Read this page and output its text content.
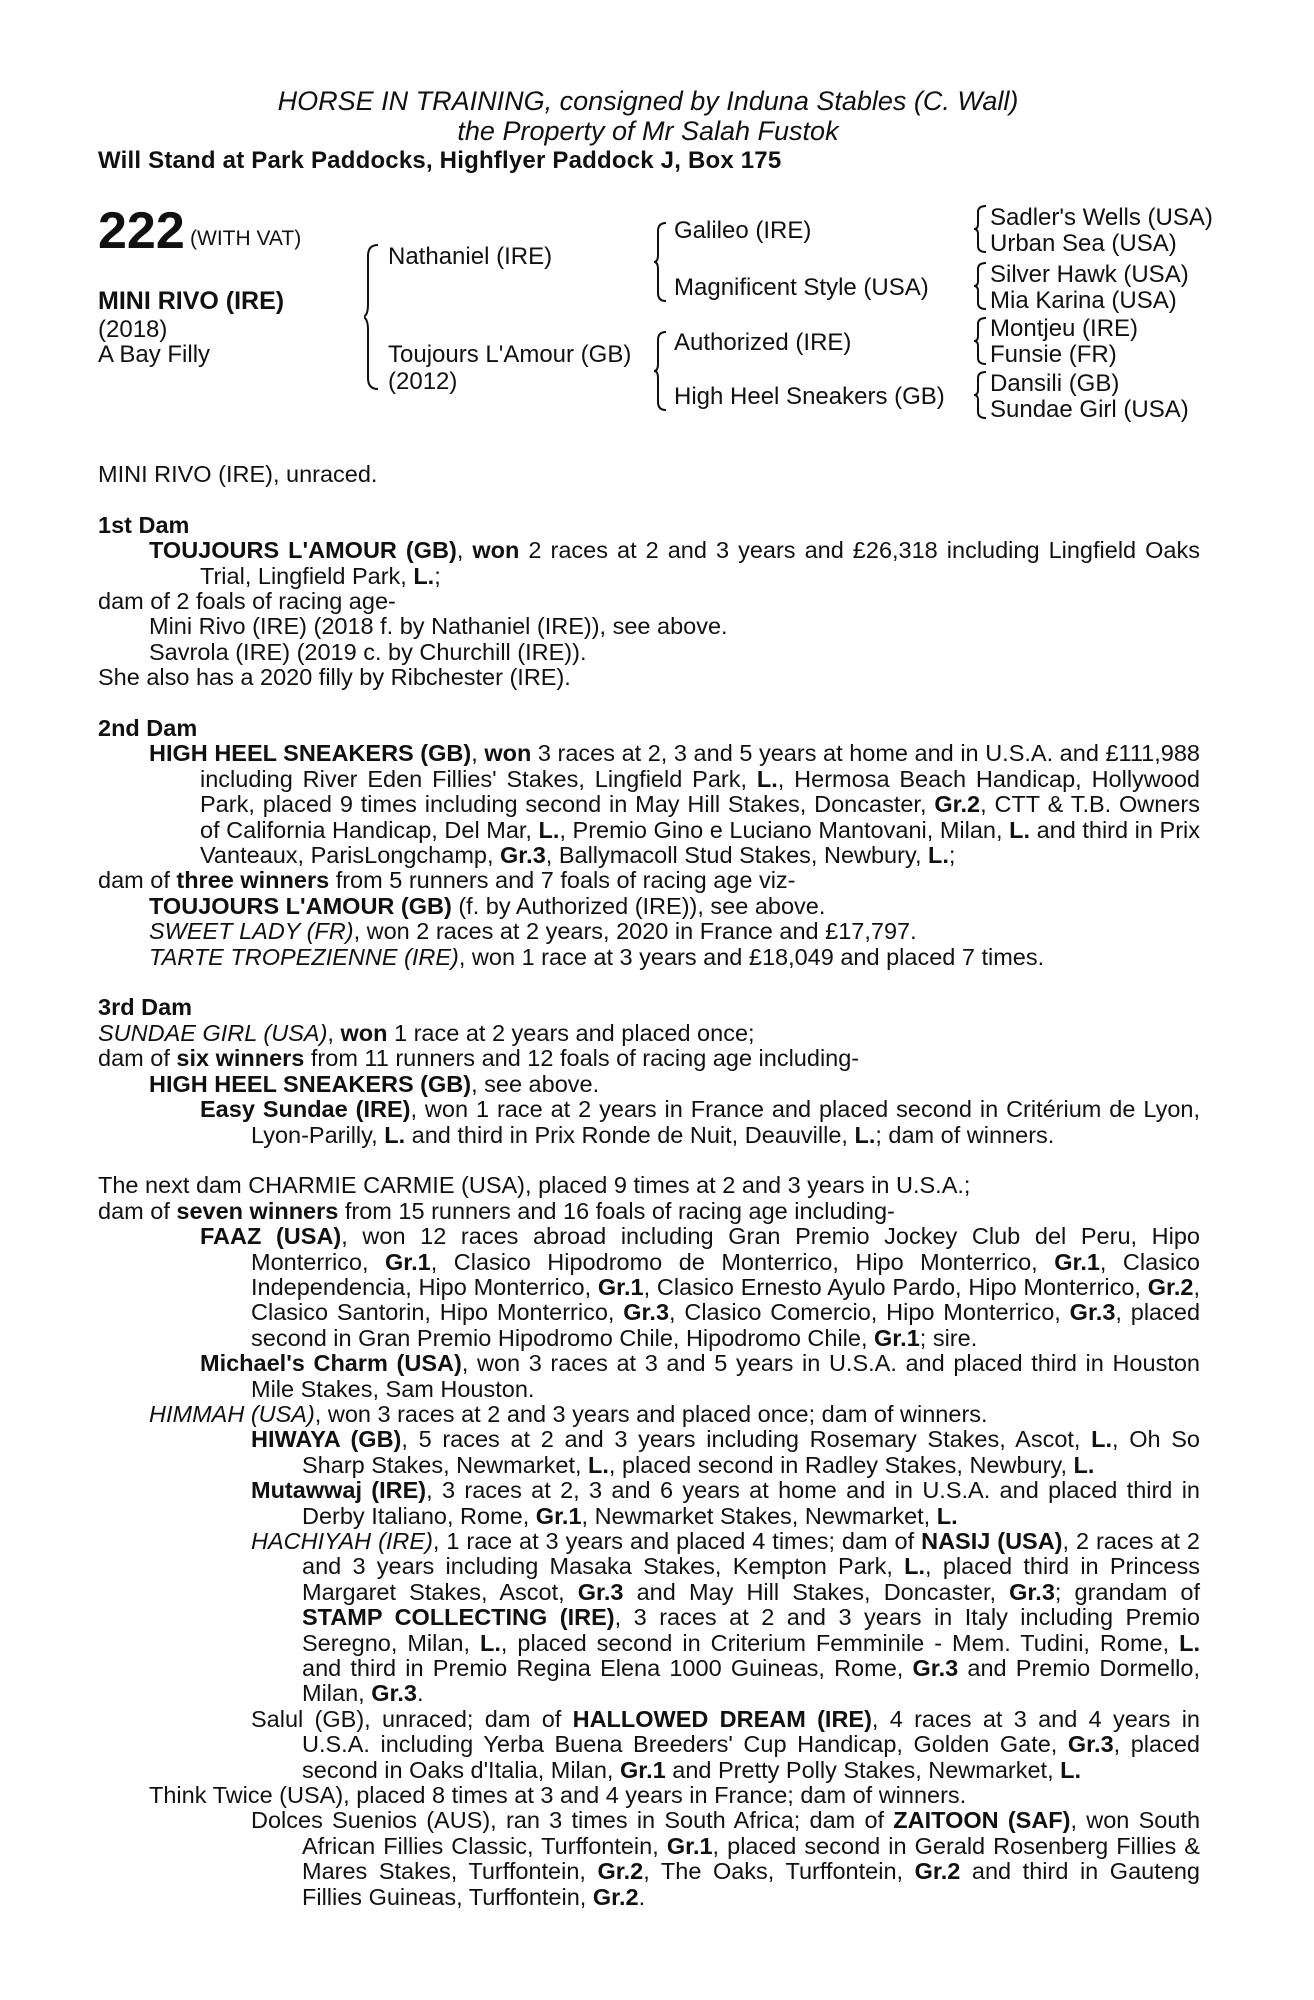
HORSE IN TRAINING, consigned by Induna Stables (C. Wall)
the Property of Mr Salah Fustok
Will Stand at Park Paddocks, Highflyer Paddock J, Box 175
222 (WITH VAT)
MINI RIVO (IRE)
(2018)
A Bay Filly
Nathaniel (IRE)
Toujours L'Amour (GB)
(2012)
Galileo (IRE)
Magnificent Style (USA)
Authorized (IRE)
High Heel Sneakers (GB)
Sadler's Wells (USA)
Urban Sea (USA)
Silver Hawk (USA)
Mia Karina (USA)
Montjeu (IRE)
Funsie (FR)
Dansili (GB)
Sundae Girl (USA)

MINI RIVO (IRE), unraced.

1st Dam

TOUJOURS L'AMOUR (GB), won 2 races at 2 and 3 years and £26,318 including Lingfield Oaks Trial, Lingfield Park, L.;

dam of 2 foals of racing age-

Mini Rivo (IRE) (2018 f. by Nathaniel (IRE)), see above.

Savrola (IRE) (2019 c. by Churchill (IRE)).

She also has a 2020 filly by Ribchester (IRE).

2nd Dam

HIGH HEEL SNEAKERS (GB), won 3 races at 2, 3 and 5 years at home and in U.S.A. and £111,988 including River Eden Fillies' Stakes, Lingfield Park, L., Hermosa Beach Handicap, Hollywood Park, placed 9 times including second in May Hill Stakes, Doncaster, Gr.2, CTT & T.B. Owners of California Handicap, Del Mar, L., Premio Gino e Luciano Mantovani, Milan, L. and third in Prix Vanteaux, ParisLongchamp, Gr.3, Ballymacoll Stud Stakes, Newbury, L.;

dam of three winners from 5 runners and 7 foals of racing age viz-

TOUJOURS L'AMOUR (GB) (f. by Authorized (IRE)), see above.

SWEET LADY (FR), won 2 races at 2 years, 2020 in France and £17,797.

TARTE TROPEZIENNE (IRE), won 1 race at 3 years and £18,049 and placed 7 times.

3rd Dam

SUNDAE GIRL (USA), won 1 race at 2 years and placed once;

dam of six winners from 11 runners and 12 foals of racing age including-

HIGH HEEL SNEAKERS (GB), see above.

Easy Sundae (IRE), won 1 race at 2 years in France and placed second in Critérium de Lyon, Lyon-Parilly, L. and third in Prix Ronde de Nuit, Deauville, L.; dam of winners.

The next dam CHARMIE CARMIE (USA), placed 9 times at 2 and 3 years in U.S.A.;

dam of seven winners from 15 runners and 16 foals of racing age including-

FAAZ (USA), won 12 races abroad including Gran Premio Jockey Club del Peru, Hipo Monterrico, Gr.1, Clasico Hipodromo de Monterrico, Hipo Monterrico, Gr.1, Clasico Independencia, Hipo Monterrico, Gr.1, Clasico Ernesto Ayulo Pardo, Hipo Monterrico, Gr.2, Clasico Santorin, Hipo Monterrico, Gr.3, Clasico Comercio, Hipo Monterrico, Gr.3, placed second in Gran Premio Hipodromo Chile, Hipodromo Chile, Gr.1; sire.

Michael's Charm (USA), won 3 races at 3 and 5 years in U.S.A. and placed third in Houston Mile Stakes, Sam Houston.

HIMMAH (USA), won 3 races at 2 and 3 years and placed once; dam of winners.

HIWAYA (GB), 5 races at 2 and 3 years including Rosemary Stakes, Ascot, L., Oh So Sharp Stakes, Newmarket, L., placed second in Radley Stakes, Newbury, L.

Mutawwaj (IRE), 3 races at 2, 3 and 6 years at home and in U.S.A. and placed third in Derby Italiano, Rome, Gr.1, Newmarket Stakes, Newmarket, L.

HACHIYAH (IRE), 1 race at 3 years and placed 4 times; dam of NASIJ (USA), 2 races at 2 and 3 years including Masaka Stakes, Kempton Park, L., placed third in Princess Margaret Stakes, Ascot, Gr.3 and May Hill Stakes, Doncaster, Gr.3; grandam of STAMP COLLECTING (IRE), 3 races at 2 and 3 years in Italy including Premio Seregno, Milan, L., placed second in Criterium Femminile - Mem. Tudini, Rome, L. and third in Premio Regina Elena 1000 Guineas, Rome, Gr.3 and Premio Dormello, Milan, Gr.3.

Salul (GB), unraced; dam of HALLOWED DREAM (IRE), 4 races at 3 and 4 years in U.S.A. including Yerba Buena Breeders' Cup Handicap, Golden Gate, Gr.3, placed second in Oaks d'Italia, Milan, Gr.1 and Pretty Polly Stakes, Newmarket, L.

Think Twice (USA), placed 8 times at 3 and 4 years in France; dam of winners.

Dolces Suenios (AUS), ran 3 times in South Africa; dam of ZAITOON (SAF), won South African Fillies Classic, Turffontein, Gr.1, placed second in Gerald Rosenberg Fillies & Mares Stakes, Turffontein, Gr.2, The Oaks, Turffontein, Gr.2 and third in Gauteng Fillies Guineas, Turffontein, Gr.2.
